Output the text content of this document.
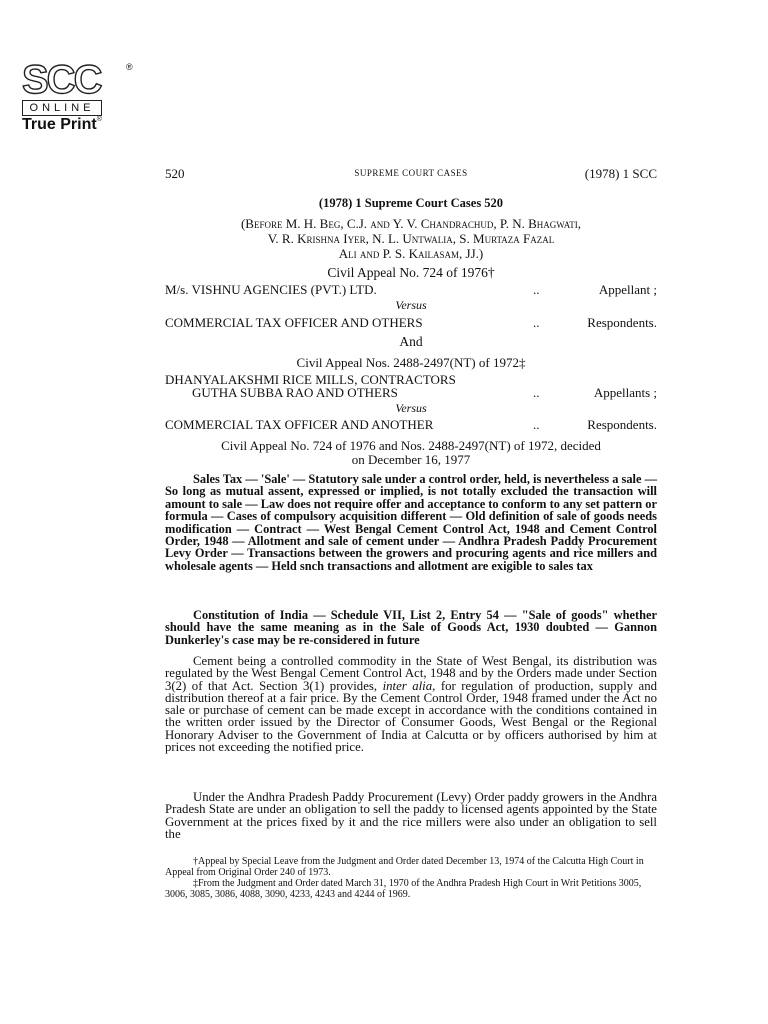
SCC	®
ONLINE
True Print®
520	SUPREME COURT CASES	(1978) 1 SCC
(1978) 1 Supreme Court Cases 520
(Before M. H. Beg, C.J. and Y. V. Chandrachud, P. N. Bhagwati,
V. R. Krishna Iyer, N. L. Untwalia, S. Murtaza Fazal
Ali and P. S. Kailasam, JJ.)
Civil Appeal No. 724 of 1976†
M/s. VISHNU AGENCIES (PVT.) LTD.	..	Appellant ;
Versus
COMMERCIAL TAX OFFICER AND OTHERS	..	Respondents.
And
Civil Appeal Nos. 2488-2497(NT) of 1972‡
DHANYALAKSHMI RICE MILLS, CONTRACTORS
GUTHA SUBBA RAO AND OTHERS	..	Appellants ;
Versus
COMMERCIAL TAX OFFICER AND ANOTHER	..	Respondents.
Civil Appeal No. 724 of 1976 and Nos. 2488-2497(NT) of 1972, decided
on December 16, 1977
Sales Tax — 'Sale' — Statutory sale under a control order, held, is nevertheless a sale — So long as mutual assent, expressed or implied, is not totally excluded the transaction will amount to sale — Law does not require offer and acceptance to conform to any set pattern or formula — Cases of compulsory acquisition different — Old definition of sale of goods needs modification — Contract — West Bengal Cement Control Act, 1948 and Cement Control Order, 1948 — Allotment and sale of cement under — Andhra Pradesh Paddy Procurement Levy Order — Transactions between the growers and procuring agents and rice millers and wholesale agents — Held snch transactions and allotment are exigible to sales tax
Constitution of India — Schedule VII, List 2, Entry 54 — "Sale of goods" whether should have the same meaning as in the Sale of Goods Act, 1930 doubted — Gannon Dunkerley's case may be re-considered in future
Cement being a controlled commodity in the State of West Bengal, its distribution was regulated by the West Bengal Cement Control Act, 1948 and by the Orders made under Section 3(2) of that Act. Section 3(1) provides, inter alia, for regulation of production, supply and distribution thereof at a fair price. By the Cement Control Order, 1948 framed under the Act no sale or purchase of cement can be made except in accordance with the conditions contained in the written order issued by the Director of Consumer Goods, West Bengal or the Regional Honorary Adviser to the Government of India at Calcutta or by officers authorised by him at prices not exceeding the notified price.
Under the Andhra Pradesh Paddy Procurement (Levy) Order paddy growers in the Andhra Pradesh State are under an obligation to sell the paddy to licensed agents appointed by the State Government at the prices fixed by it and the rice millers were also under an obligation to sell the

†Appeal by Special Leave from the Judgment and Order dated December 13, 1974 of the Calcutta High Court in Appeal from Original Order 240 of 1973.

‡From the Judgment and Order dated March 31, 1970 of the Andhra Pradesh High Court in Writ Petitions 3005, 3006, 3085, 3086, 4088, 3090, 4233, 4243 and 4244 of 1969.
